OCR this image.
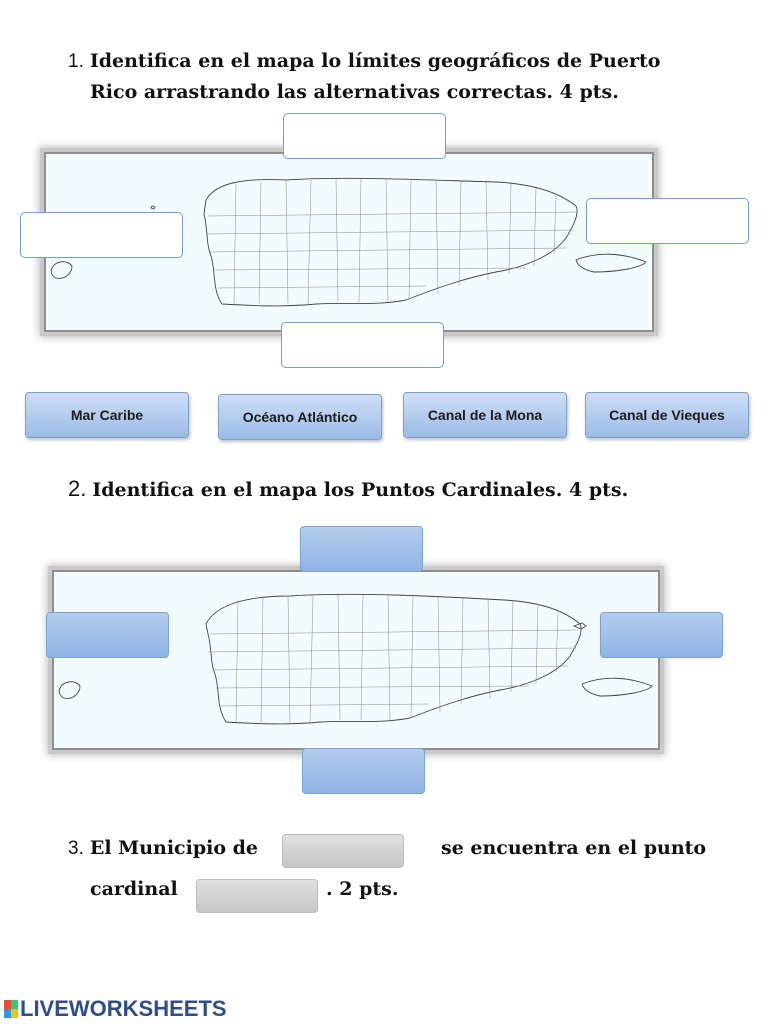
1. Identifica en el mapa lo límites geográficos de Puerto
Rico arrastrando las alternativas correctas. 4 pts.
Mar Caribe	Océano Atlántico	Canal de la Mona	Canal de Vieques
2. Identifica en el mapa los Puntos Cardinales. 4 pts.
3. El Municipio de	se encuentra en el punto
cardinal	. 2 pts.
LIVEWORKSHEETS
